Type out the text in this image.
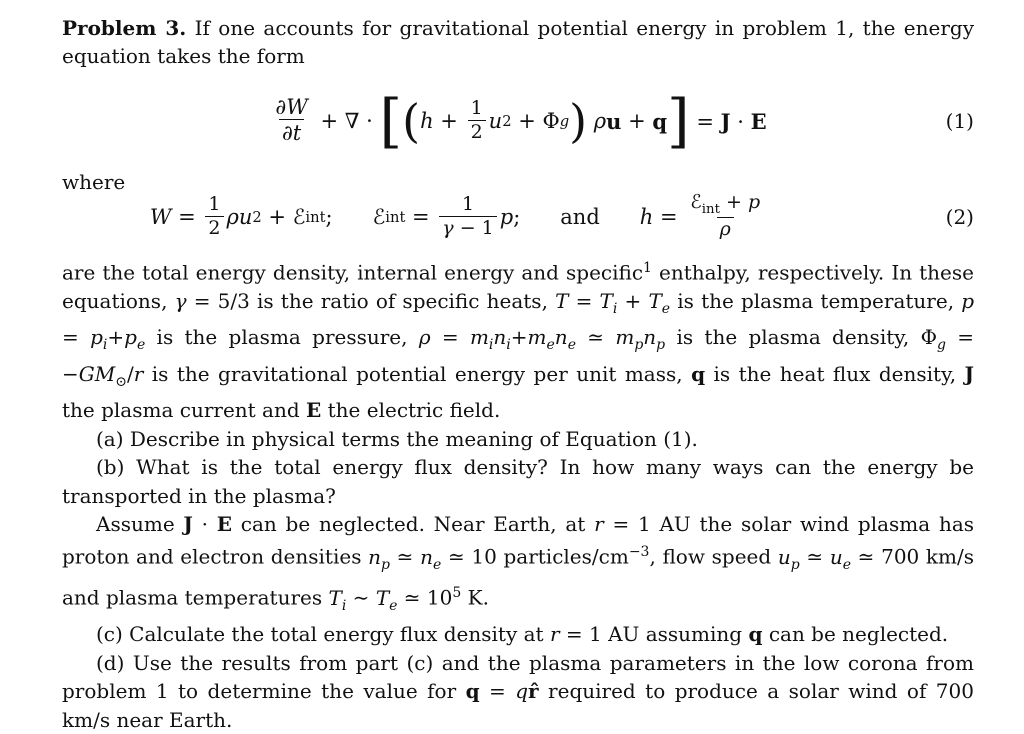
Problem 3. If one accounts for gravitational potential energy in problem 1, the energy equation takes the form

$\frac{\partial W}{\partial t}$ + ∇ · [ ( $h + \frac{1}{2}$ u 2 + Φ g ) ρ u + q ] = J · E	(1)
where
$W = \frac{1}{2}$ ρu 2 + ℰ int ; ℰ int = $\frac{1}{\gamma - 1}$ p ; and $h = \frac{ℰ_{int} + p}{\rho}$	(2)

are the total energy density, internal energy and specific$^1$ enthalpy, respectively. In these equations, γ = 5/3 is the ratio of specific heats, $T = T_i + T_e$ is the plasma temperature, $p = p_i+p_e$ is the plasma pressure, $\rho = m_in_i+m_en_e$ ≃ $m_pn_p$ is the plasma density, $\Phi_g = -GM_⊙/r$ is the gravitational potential energy per unit mass, q is the heat flux density, J the plasma current and E the electric field.

(a) Describe in physical terms the meaning of Equation (1).

(b) What is the total energy flux density? In how many ways can the energy be transported in the plasma?

Assume J · E can be neglected. Near Earth, at r = 1 AU the solar wind plasma has proton and electron densities $n_p$ ≃ $n_e$ ≃ 10 particles/$cm^{-3}$, flow speed $u_p$ ≃ $u_e$ ≃ 700 km/s and plasma temperatures $T_i$ ∼ $T_e$ ≃ $10^5$ K.

(c) Calculate the total energy flux density at r = 1 AU assuming q can be neglected.

(d) Use the results from part (c) and the plasma parameters in the low corona from problem 1 to determine the value for q = qr̂ required to produce a solar wind of 700 km/s near Earth.
